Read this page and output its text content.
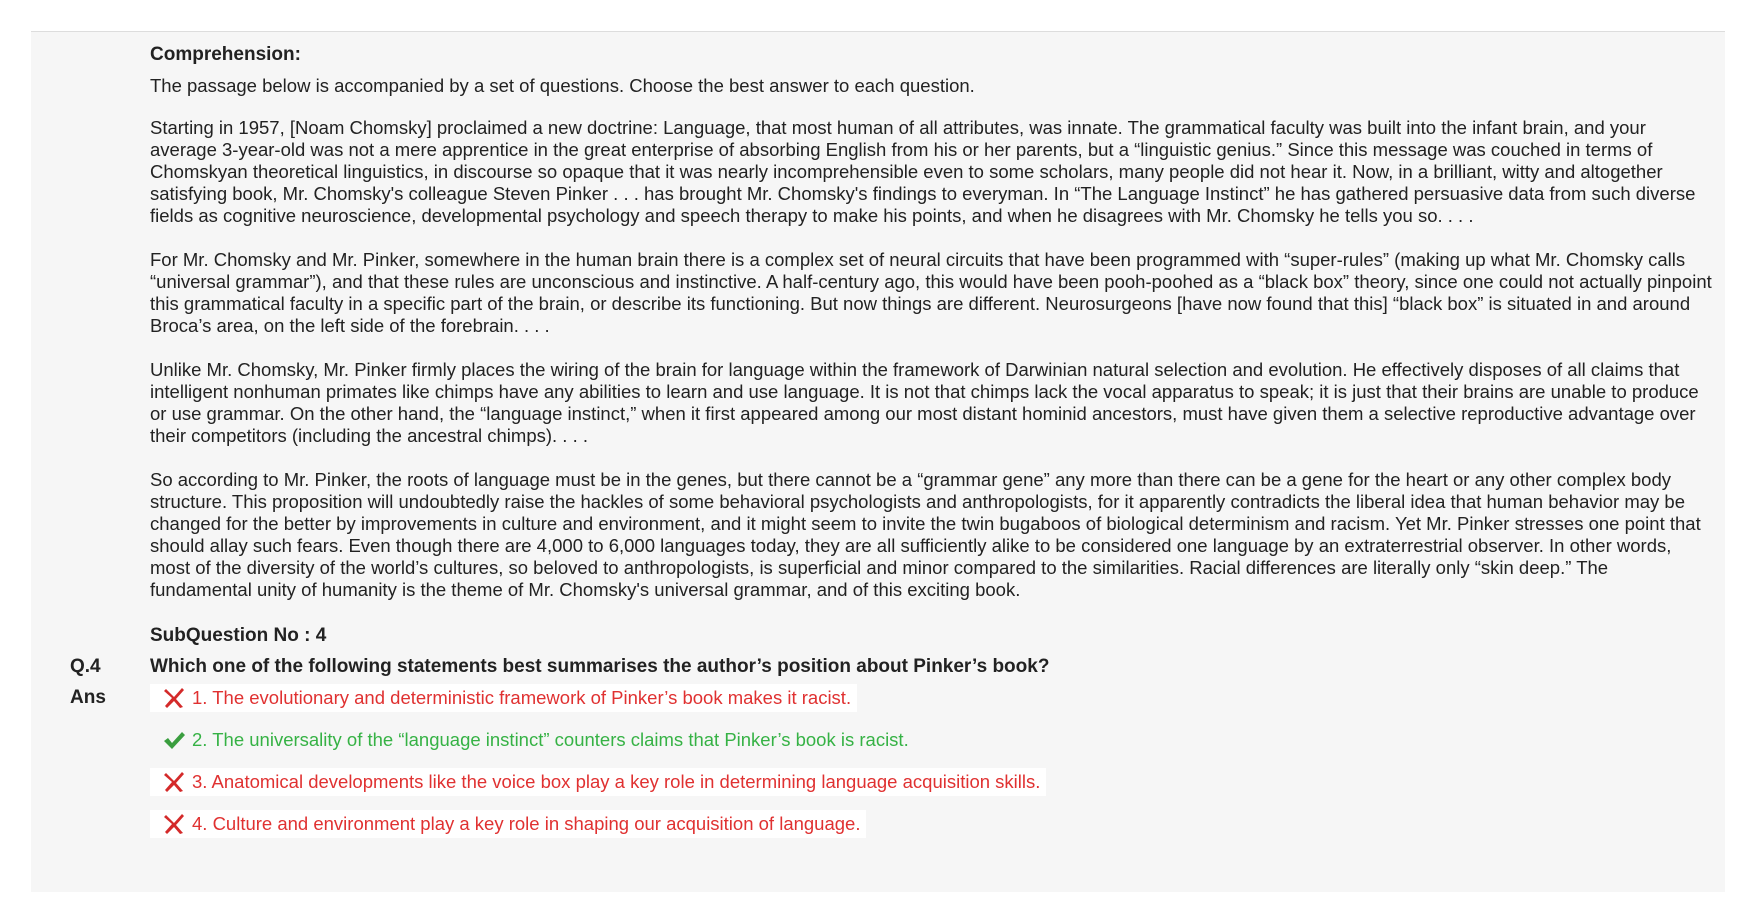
Comprehension:
The passage below is accompanied by a set of questions. Choose the best answer to each question.
Starting in 1957, [Noam Chomsky] proclaimed a new doctrine: Language, that most human of all attributes, was innate. The grammatical faculty was built into the infant brain, and your average 3-year-old was not a mere apprentice in the great enterprise of absorbing English from his or her parents, but a “linguistic genius.” Since this message was couched in terms of Chomskyan theoretical linguistics, in discourse so opaque that it was nearly incomprehensible even to some scholars, many people did not hear it. Now, in a brilliant, witty and altogether satisfying book, Mr. Chomsky's colleague Steven Pinker . . . has brought Mr. Chomsky's findings to everyman. In “The Language Instinct” he has gathered persuasive data from such diverse fields as cognitive neuroscience, developmental psychology and speech therapy to make his points, and when he disagrees with Mr. Chomsky he tells you so. . . .
For Mr. Chomsky and Mr. Pinker, somewhere in the human brain there is a complex set of neural circuits that have been programmed with “super-rules” (making up what Mr. Chomsky calls “universal grammar”), and that these rules are unconscious and instinctive. A half-century ago, this would have been pooh-poohed as a “black box” theory, since one could not actually pinpoint this grammatical faculty in a specific part of the brain, or describe its functioning. But now things are different. Neurosurgeons [have now found that this] “black box” is situated in and around Broca’s area, on the left side of the forebrain. . . .
Unlike Mr. Chomsky, Mr. Pinker firmly places the wiring of the brain for language within the framework of Darwinian natural selection and evolution. He effectively disposes of all claims that intelligent nonhuman primates like chimps have any abilities to learn and use language. It is not that chimps lack the vocal apparatus to speak; it is just that their brains are unable to produce or use grammar. On the other hand, the “language instinct,” when it first appeared among our most distant hominid ancestors, must have given them a selective reproductive advantage over their competitors (including the ancestral chimps). . . .
So according to Mr. Pinker, the roots of language must be in the genes, but there cannot be a “grammar gene” any more than there can be a gene for the heart or any other complex body structure. This proposition will undoubtedly raise the hackles of some behavioral psychologists and anthropologists, for it apparently contradicts the liberal idea that human behavior may be changed for the better by improvements in culture and environment, and it might seem to invite the twin bugaboos of biological determinism and racism. Yet Mr. Pinker stresses one point that should allay such fears. Even though there are 4,000 to 6,000 languages today, they are all sufficiently alike to be considered one language by an extraterrestrial observer. In other words, most of the diversity of the world’s cultures, so beloved to anthropologists, is superficial and minor compared to the similarities. Racial differences are literally only “skin deep.” The fundamental unity of humanity is the theme of Mr. Chomsky's universal grammar, and of this exciting book.
SubQuestion No : 4
Which one of the following statements best summarises the author’s position about Pinker’s book?
1. The evolutionary and deterministic framework of Pinker’s book makes it racist.
2. The universality of the “language instinct” counters claims that Pinker’s book is racist.
3. Anatomical developments like the voice box play a key role in determining language acquisition skills.
4. Culture and environment play a key role in shaping our acquisition of language.
Q.4
Ans
